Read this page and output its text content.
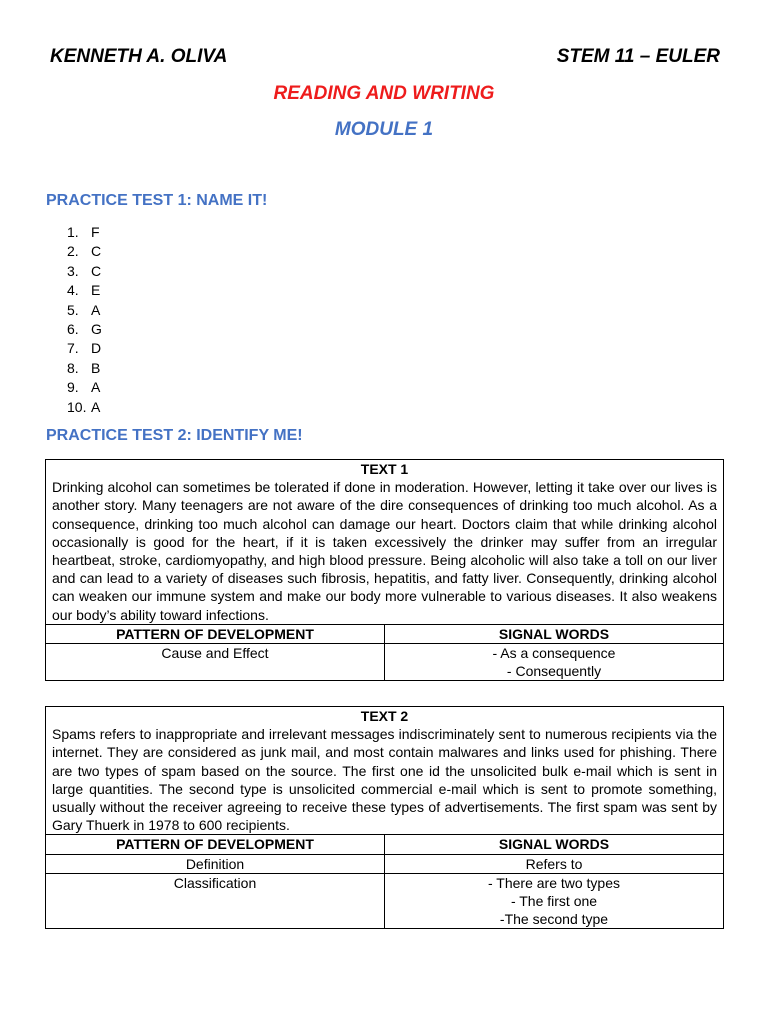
KENNETH A. OLIVA	STEM 11 – EULER
READING AND WRITING
MODULE 1
PRACTICE TEST 1: NAME IT!
1. F
2. C
3. C
4. E
5. A
6. G
7. D
8. B
9. A
10. A
PRACTICE TEST 2: IDENTIFY ME!
TEXT 1
Drinking alcohol can sometimes be tolerated if done in moderation. However, letting it take over our lives is another story. Many teenagers are not aware of the dire consequences of drinking too much alcohol. As a consequence, drinking too much alcohol can damage our heart. Doctors claim that while drinking alcohol occasionally is good for the heart, if it is taken excessively the drinker may suffer from an irregular heartbeat, stroke, cardiomyopathy, and high blood pressure. Being alcoholic will also take a toll on our liver and can lead to a variety of diseases such fibrosis, hepatitis, and fatty liver. Consequently, drinking alcohol can weaken our immune system and make our body more vulnerable to various diseases. It also weakens our body’s ability toward infections.	
PATTERN OF DEVELOPMENT	SIGNAL WORDS
Cause and Effect	- As a consequence
- Consequently
TEXT 2
Spams refers to inappropriate and irrelevant messages indiscriminately sent to numerous recipients via the internet. They are considered as junk mail, and most contain malwares and links used for phishing. There are two types of spam based on the source. The first one id the unsolicited bulk e-mail which is sent in large quantities. The second type is unsolicited commercial e-mail which is sent to promote something, usually without the receiver agreeing to receive these types of advertisements. The first spam was sent by Gary Thuerk in 1978 to 600 recipients.	
PATTERN OF DEVELOPMENT	SIGNAL WORDS
Definition	Refers to

Classification	- There are two types
- The first one
-The second type
